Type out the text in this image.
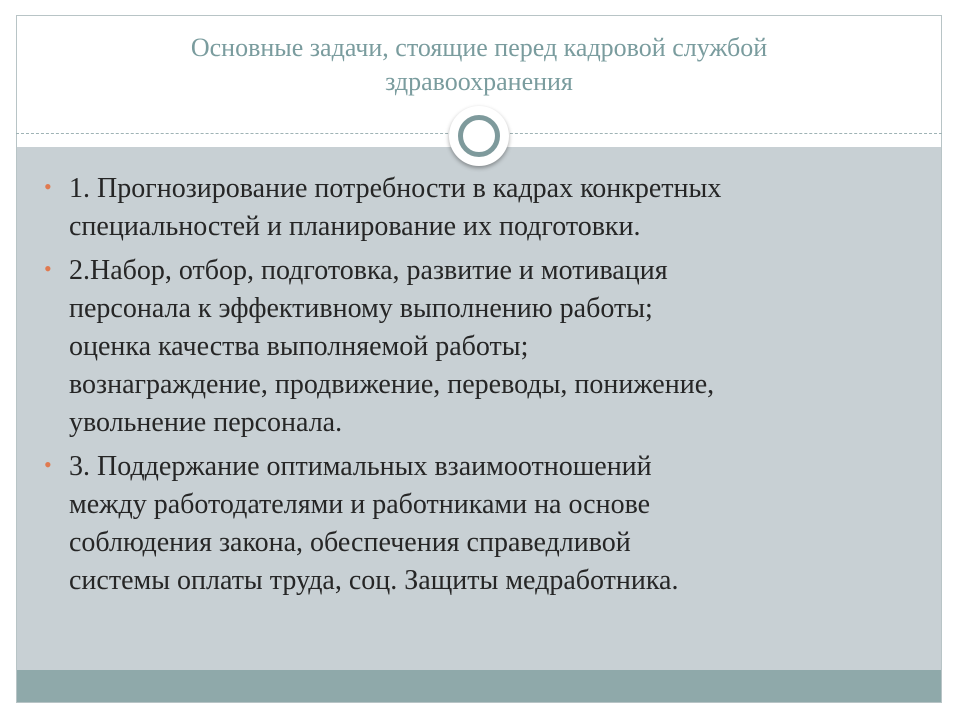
Основные задачи, стоящие перед кадровой службой
здравоохранения
• 1. Прогнозирование потребности в кадрах конкретных
специальностей и планирование их подготовки.
• 2.Набор, отбор, подготовка, развитие и мотивация
персонала к эффективному выполнению работы;
оценка качества выполняемой работы;
вознаграждение, продвижение, переводы, понижение,
увольнение персонала.
• 3. Поддержание оптимальных взаимоотношений
между работодателями и работниками на основе
соблюдения закона, обеспечения справедливой
системы оплаты труда, соц. Защиты медработника.
